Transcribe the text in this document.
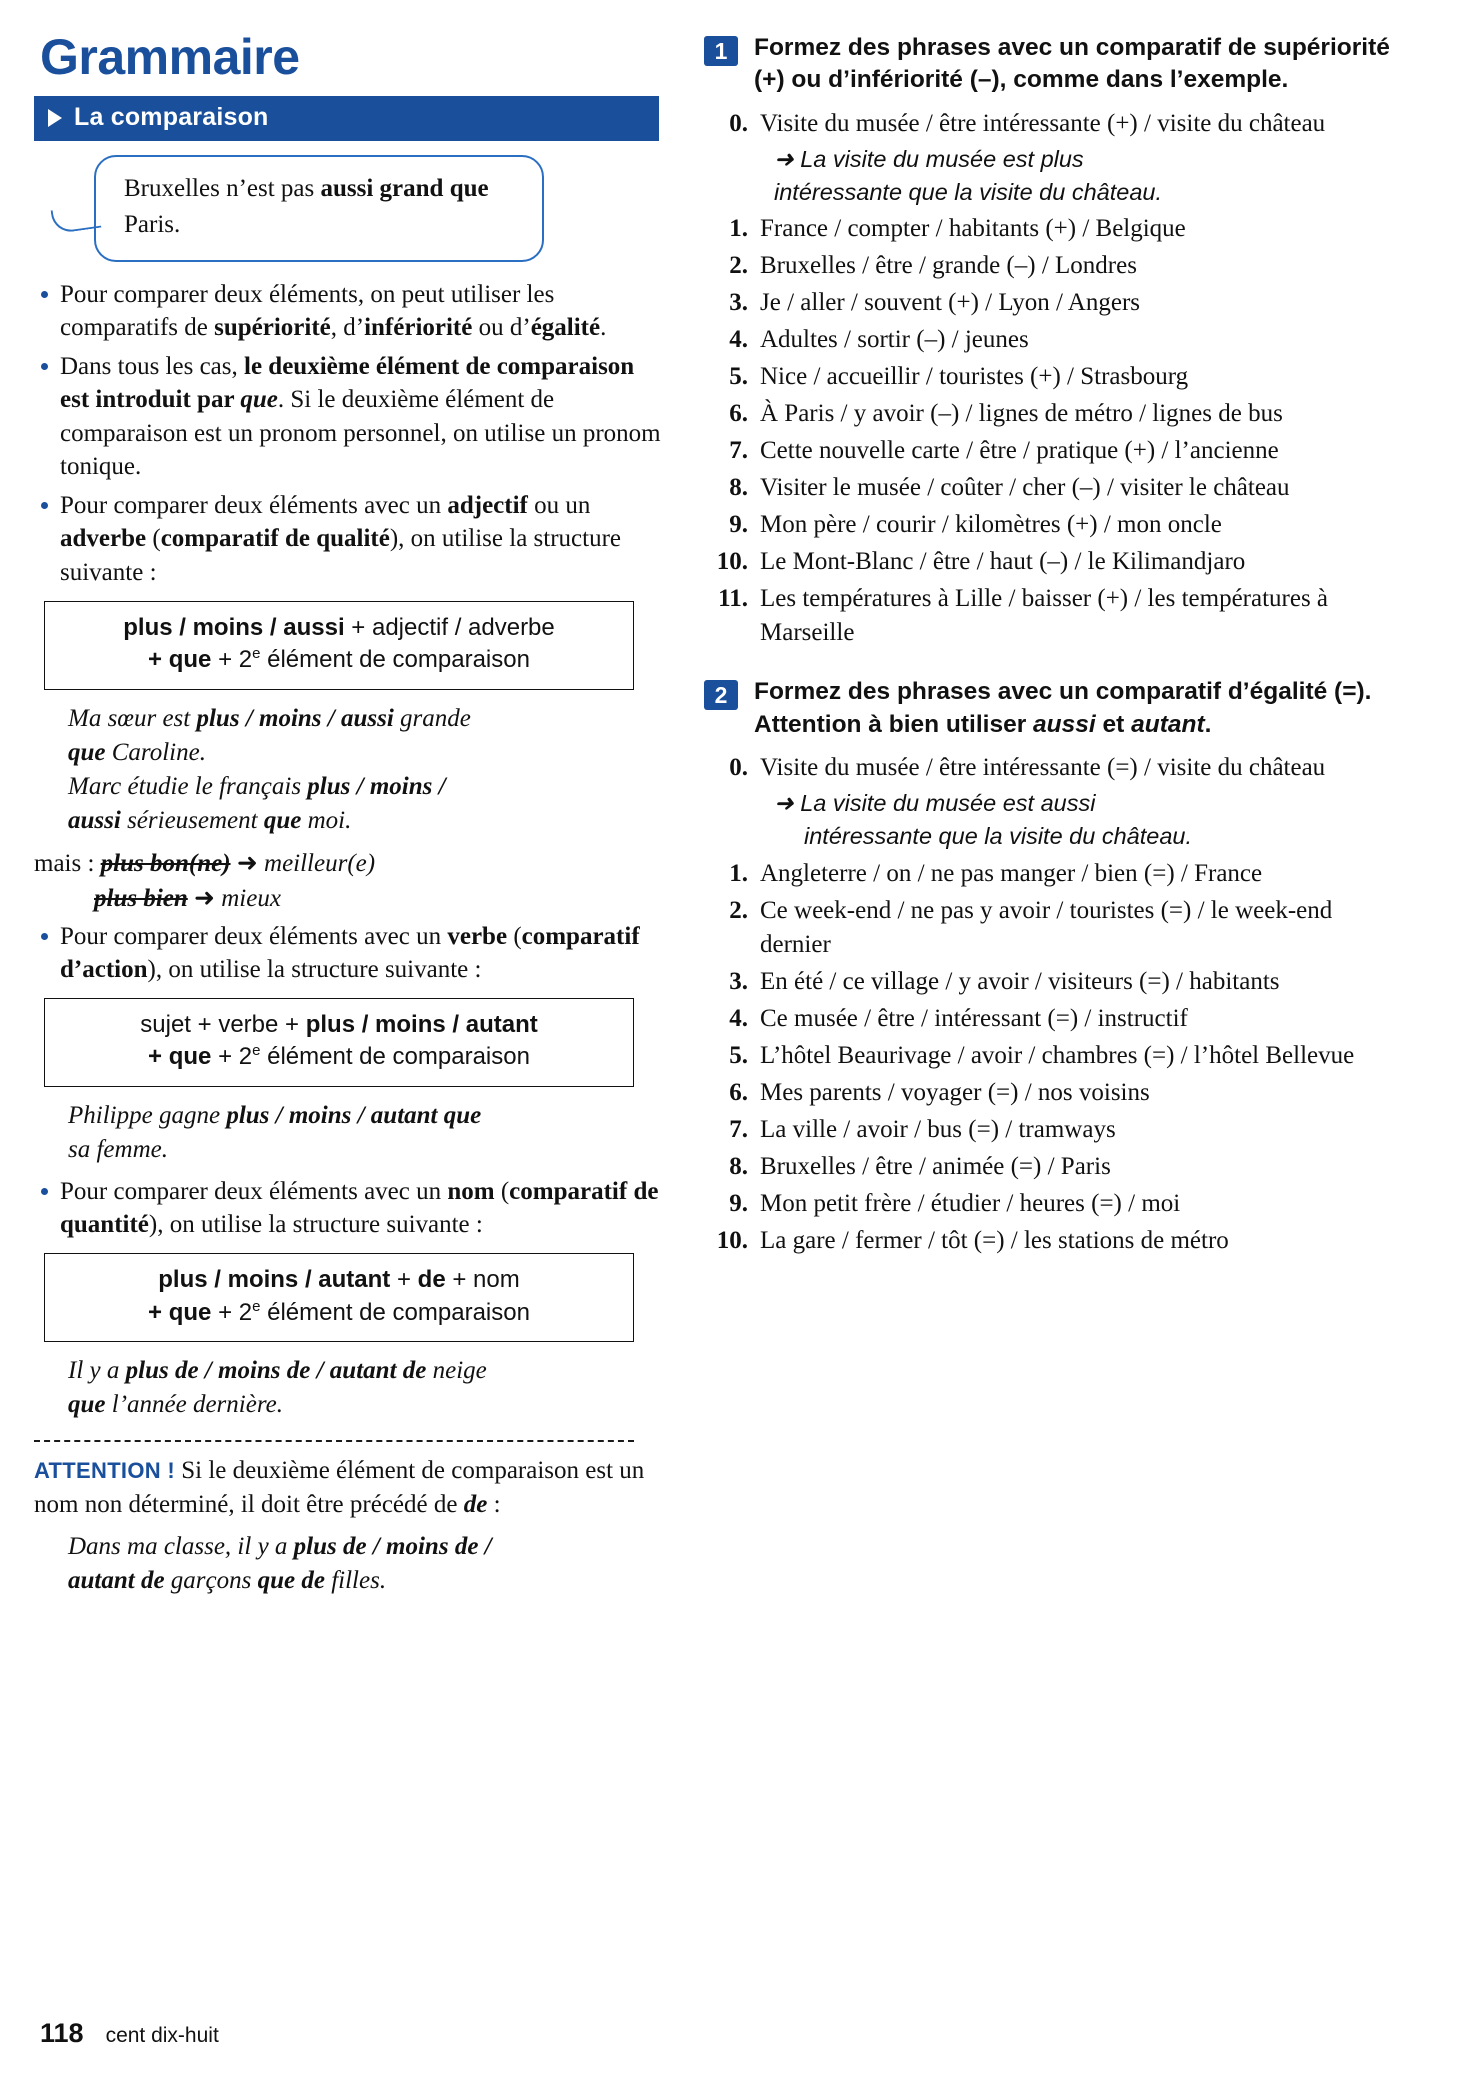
Grammaire
La comparaison
Bruxelles n’est pas aussi grand que Paris.
Pour comparer deux éléments, on peut utiliser les comparatifs de supériorité, d’infériorité ou d’égalité.
Dans tous les cas, le deuxième élément de comparaison est introduit par que. Si le deuxième élément de comparaison est un pronom personnel, on utilise un pronom tonique.
Pour comparer deux éléments avec un adjectif ou un adverbe (comparatif de qualité), on utilise la structure suivante :
plus / moins / aussi + adjectif / adverbe
+ que + $2^e$ élément de comparaison
Ma sœur est plus / moins / aussi grande
que Caroline.
Marc étudie le français plus / moins /
aussi sérieusement que moi.
mais : plus bon(ne) ➜ meilleur(e)
plus bien ➜ mieux
Pour comparer deux éléments avec un verbe (comparatif d’action), on utilise la structure suivante :
sujet + verbe + plus / moins / autant
+ que + $2^e$ élément de comparaison
Philippe gagne plus / moins / autant que
sa femme.
Pour comparer deux éléments avec un nom (comparatif de quantité), on utilise la structure suivante :
plus / moins / autant + de + nom
+ que + $2^e$ élément de comparaison
Il y a plus de / moins de / autant de neige
que l’année dernière.
ATTENTION ! Si le deuxième élément de comparaison est un nom non déterminé, il doit être précédé de de :
Dans ma classe, il y a plus de / moins de /
autant de garçons que de filles.
1	Formez des phrases avec un comparatif de supériorité (+) ou d’infériorité (–), comme dans l’exemple.
0. Visite du musée / être intéressante (+) / visite du château
➜ La visite du musée est plus
intéressante que la visite du château.
1. France / compter / habitants (+) / Belgique
2. Bruxelles / être / grande (–) / Londres
3. Je / aller / souvent (+) / Lyon / Angers
4. Adultes / sortir (–) / jeunes
5. Nice / accueillir / touristes (+) / Strasbourg
6. À Paris / y avoir (–) / lignes de métro / lignes de bus
7. Cette nouvelle carte / être / pratique (+) / l’ancienne
8. Visiter le musée / coûter / cher (–) / visiter le château
9. Mon père / courir / kilomètres (+) / mon oncle
10. Le Mont-Blanc / être / haut (–) / le Kilimandjaro
11. Les températures à Lille / baisser (+) / les températures à Marseille
2	Formez des phrases avec un comparatif d’égalité (=). Attention à bien utiliser aussi et autant.
0. Visite du musée / être intéressante (=) / visite du château
➜ La visite du musée est aussi
intéressante que la visite du château.
1. Angleterre / on / ne pas manger / bien (=) / France
2. Ce week-end / ne pas y avoir / touristes (=) / le week-end dernier
3. En été / ce village / y avoir / visiteurs (=) / habitants
4. Ce musée / être / intéressant (=) / instructif
5. L’hôtel Beaurivage / avoir / chambres (=) / l’hôtel Bellevue
6. Mes parents / voyager (=) / nos voisins
7. La ville / avoir / bus (=) / tramways
8. Bruxelles / être / animée (=) / Paris
9. Mon petit frère / étudier / heures (=) / moi
10. La gare / fermer / tôt (=) / les stations de métro
118 cent dix-huit
